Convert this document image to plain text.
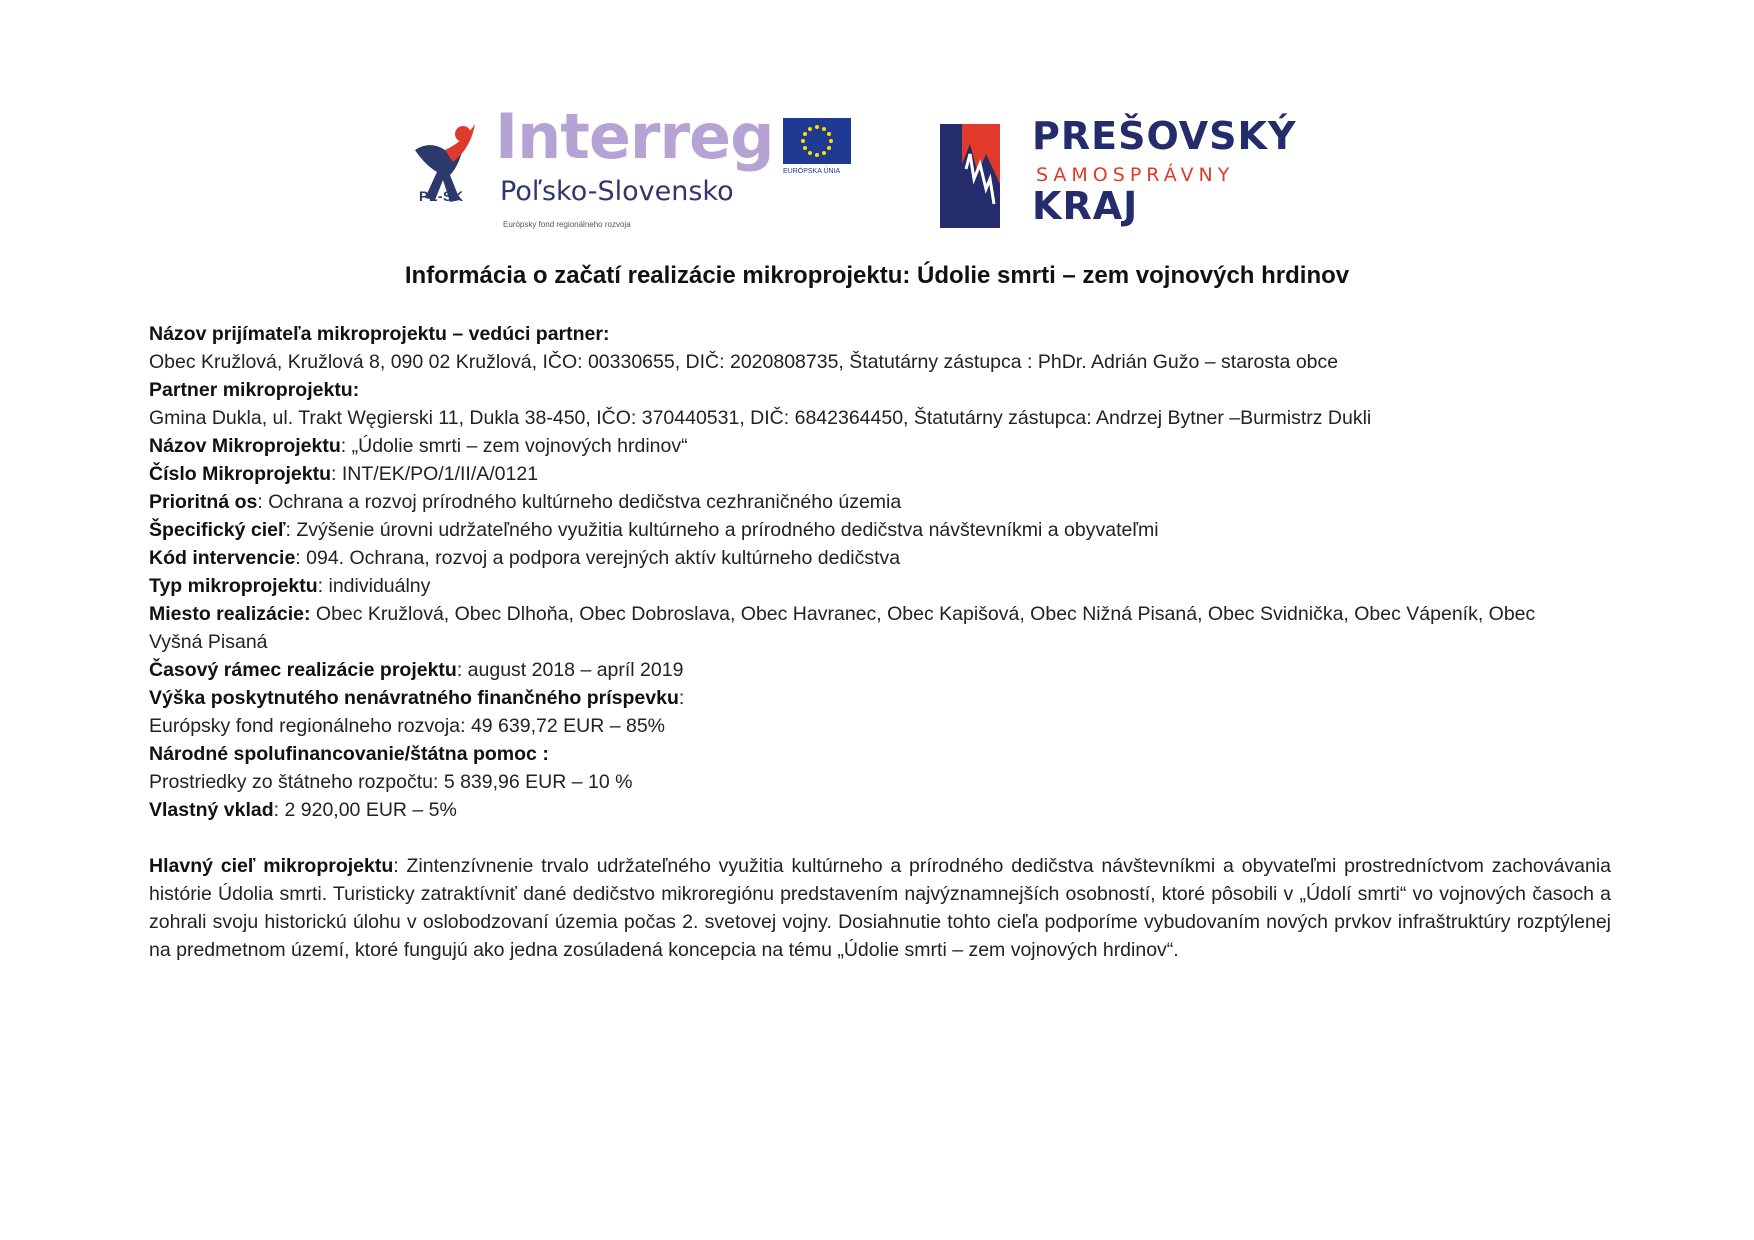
PL-SK
Interreg
Poľsko-Slovensko
Európsky fond regionálneho rozvoja
EURÓPSKA ÚNIA
PREŠOVSKÝ
SAMOSPRÁVNY
KRAJ
Informácia o začatí realizácie mikroprojektu: Údolie smrti – zem vojnových hrdinov

Názov prijímateľa mikroprojektu – vedúci partner:

Obec Kružlová, Kružlová 8, 090 02 Kružlová, IČO: 00330655, DIČ: 2020808735, Štatutárny zástupca : PhDr. Adrián Gužo – starosta obce

Partner mikroprojektu:

Gmina Dukla, ul. Trakt Węgierski 11, Dukla 38-450, IČO: 370440531, DIČ: 6842364450, Štatutárny zástupca: Andrzej Bytner –Burmistrz Dukli

Názov Mikroprojektu: „Údolie smrti – zem vojnových hrdinov“

Číslo Mikroprojektu: INT/EK/PO/1/II/A/0121

Prioritná os: Ochrana a rozvoj prírodného kultúrneho dedičstva cezhraničného územia

Špecifický cieľ: Zvýšenie úrovni udržateľného využitia kultúrneho a prírodného dedičstva návštevníkmi a obyvateľmi

Kód intervencie: 094. Ochrana, rozvoj a podpora verejných aktív kultúrneho dedičstva

Typ mikroprojektu: individuálny

Miesto realizácie: Obec Kružlová, Obec Dlhoňa, Obec Dobroslava, Obec Havranec, Obec Kapišová, Obec Nižná Pisaná, Obec Svidnička, Obec Vápeník, Obec

Vyšná Pisaná

Časový rámec realizácie projektu: august 2018 – apríl 2019

Výška poskytnutého nenávratného finančného príspevku:

Európsky fond regionálneho rozvoja: 49 639,72 EUR – 85%

Národné spolufinancovanie/štátna pomoc :

Prostriedky zo štátneho rozpočtu: 5 839,96 EUR – 10 %

Vlastný vklad: 2 920,00 EUR – 5%

Hlavný cieľ mikroprojektu: Zintenzívnenie trvalo udržateľného využitia kultúrneho a prírodného dedičstva návštevníkmi a obyvateľmi prostredníctvom zachovávania histórie Údolia smrti. Turisticky zatraktívniť dané dedičstvo mikroregiónu predstavením najvýznamnejších osobností, ktoré pôsobili v „Údolí smrti“ vo vojnových časoch a zohrali svoju historickú úlohu v oslobodzovaní územia počas 2. svetovej vojny. Dosiahnutie tohto cieľa podporíme vybudovaním nových prvkov infraštruktúry rozptýlenej na predmetnom území, ktoré fungujú ako jedna zosúladená koncepcia na tému „Údolie smrti – zem vojnových hrdinov“.
